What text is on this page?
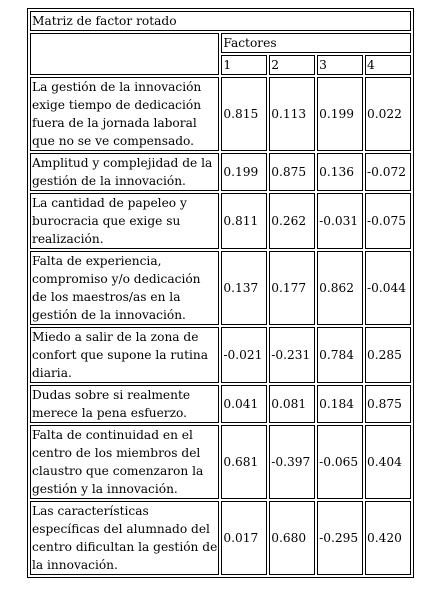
Matriz de factor rotado				
	Factores			
	1	2	3	4
La gestión de la innovación exige tiempo de dedicación fuera de la jornada laboral que no se ve compensado.	0.815	0.113	0.199	0.022
Amplitud y complejidad de la gestión de la innovación.	0.199	0.875	0.136	-0.072
La cantidad de papeleo y burocracia que exige su realización.	0.811	0.262	-0.031	-0.075
Falta de experiencia, compromiso y/o dedicación de los maestros/as en la gestión de la innovación.	0.137	0.177	0.862	-0.044
Miedo a salir de la zona de confort que supone la rutina diaria.	-0.021	-0.231	0.784	0.285
Dudas sobre si realmente merece la pena esfuerzo.	0.041	0.081	0.184	0.875
Falta de continuidad en el centro de los miembros del claustro que comenzaron la gestión y la innovación.	0.681	-0.397	-0.065	0.404
Las características específicas del alumnado del centro dificultan la gestión de la innovación.	0.017	0.680	-0.295	0.420
